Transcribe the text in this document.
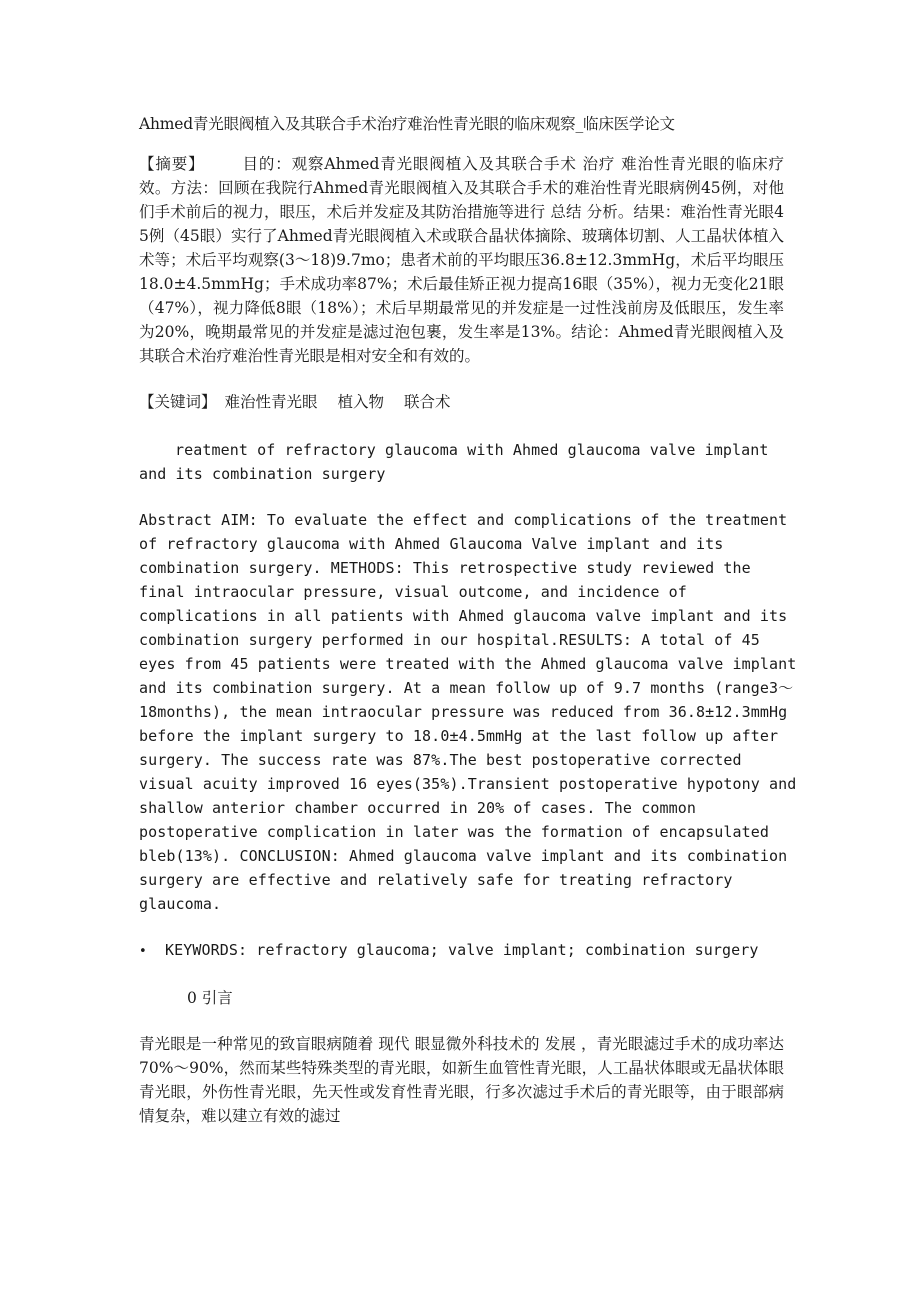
Ahmed青光眼阀植入及其联合手术治疗难治性青光眼的临床观察_临床医学论文
【摘要】 目的：观察Ahmed青光眼阀植入及其联合手术 治疗 难治性青光眼的临床疗效。方法：回顾在我院行Ahmed青光眼阀植入及其联合手术的难治性青光眼病例45例，对他们手术前后的视力，眼压，术后并发症及其防治措施等进行 总结 分析。结果：难治性青光眼45例（45眼）实行了Ahmed青光眼阀植入术或联合晶状体摘除、玻璃体切割、人工晶状体植入术等；术后平均观察(3～18)9.7mo；患者术前的平均眼压36.8±12.3mmHg，术后平均眼压18.0±4.5mmHg；手术成功率87%；术后最佳矫正视力提高16眼（35%），视力无变化21眼（47%），视力降低8眼（18%）；术后早期最常见的并发症是一过性浅前房及低眼压，发生率为20%，晚期最常见的并发症是滤过泡包裹，发生率是13%。结论：Ahmed青光眼阀植入及其联合术治疗难治性青光眼是相对安全和有效的。
【关键词】 难治性青光眼 植入物 联合术
reatment of refractory glaucoma with Ahmed glaucoma valve implant and its combination surgery
Abstract AIM: To evaluate the effect and complications of the treatment of refractory glaucoma with Ahmed Glaucoma Valve implant and its combination surgery. METHODS: This retrospective study reviewed the final intraocular pressure, visual outcome, and incidence of complications in all patients with Ahmed glaucoma valve implant and its combination surgery performed in our hospital.RESULTS: A total of 45 eyes from 45 patients were treated with the Ahmed glaucoma valve implant and its combination surgery. At a mean follow up of 9.7 months (range3～18months), the mean intraocular pressure was reduced from 36.8±12.3mmHg before the implant surgery to 18.0±4.5mmHg at the last follow up after surgery. The success rate was 87%.The best postoperative corrected visual acuity improved 16 eyes(35%).Transient postoperative hypotony and shallow anterior chamber occurred in 20% of cases. The common postoperative complication in later was the formation of encapsulated bleb(13%). CONCLUSION: Ahmed glaucoma valve implant and its combination surgery are effective and relatively safe for treating refractory glaucoma.
• KEYWORDS: refractory glaucoma; valve implant; combination surgery
0 引言
青光眼是一种常见的致盲眼病随着 现代 眼显微外科技术的 发展 ，青光眼滤过手术的成功率达70%～90%，然而某些特殊类型的青光眼，如新生血管性青光眼，人工晶状体眼或无晶状体眼青光眼，外伤性青光眼，先天性或发育性青光眼，行多次滤过手术后的青光眼等，由于眼部病情复杂，难以建立有效的滤过
